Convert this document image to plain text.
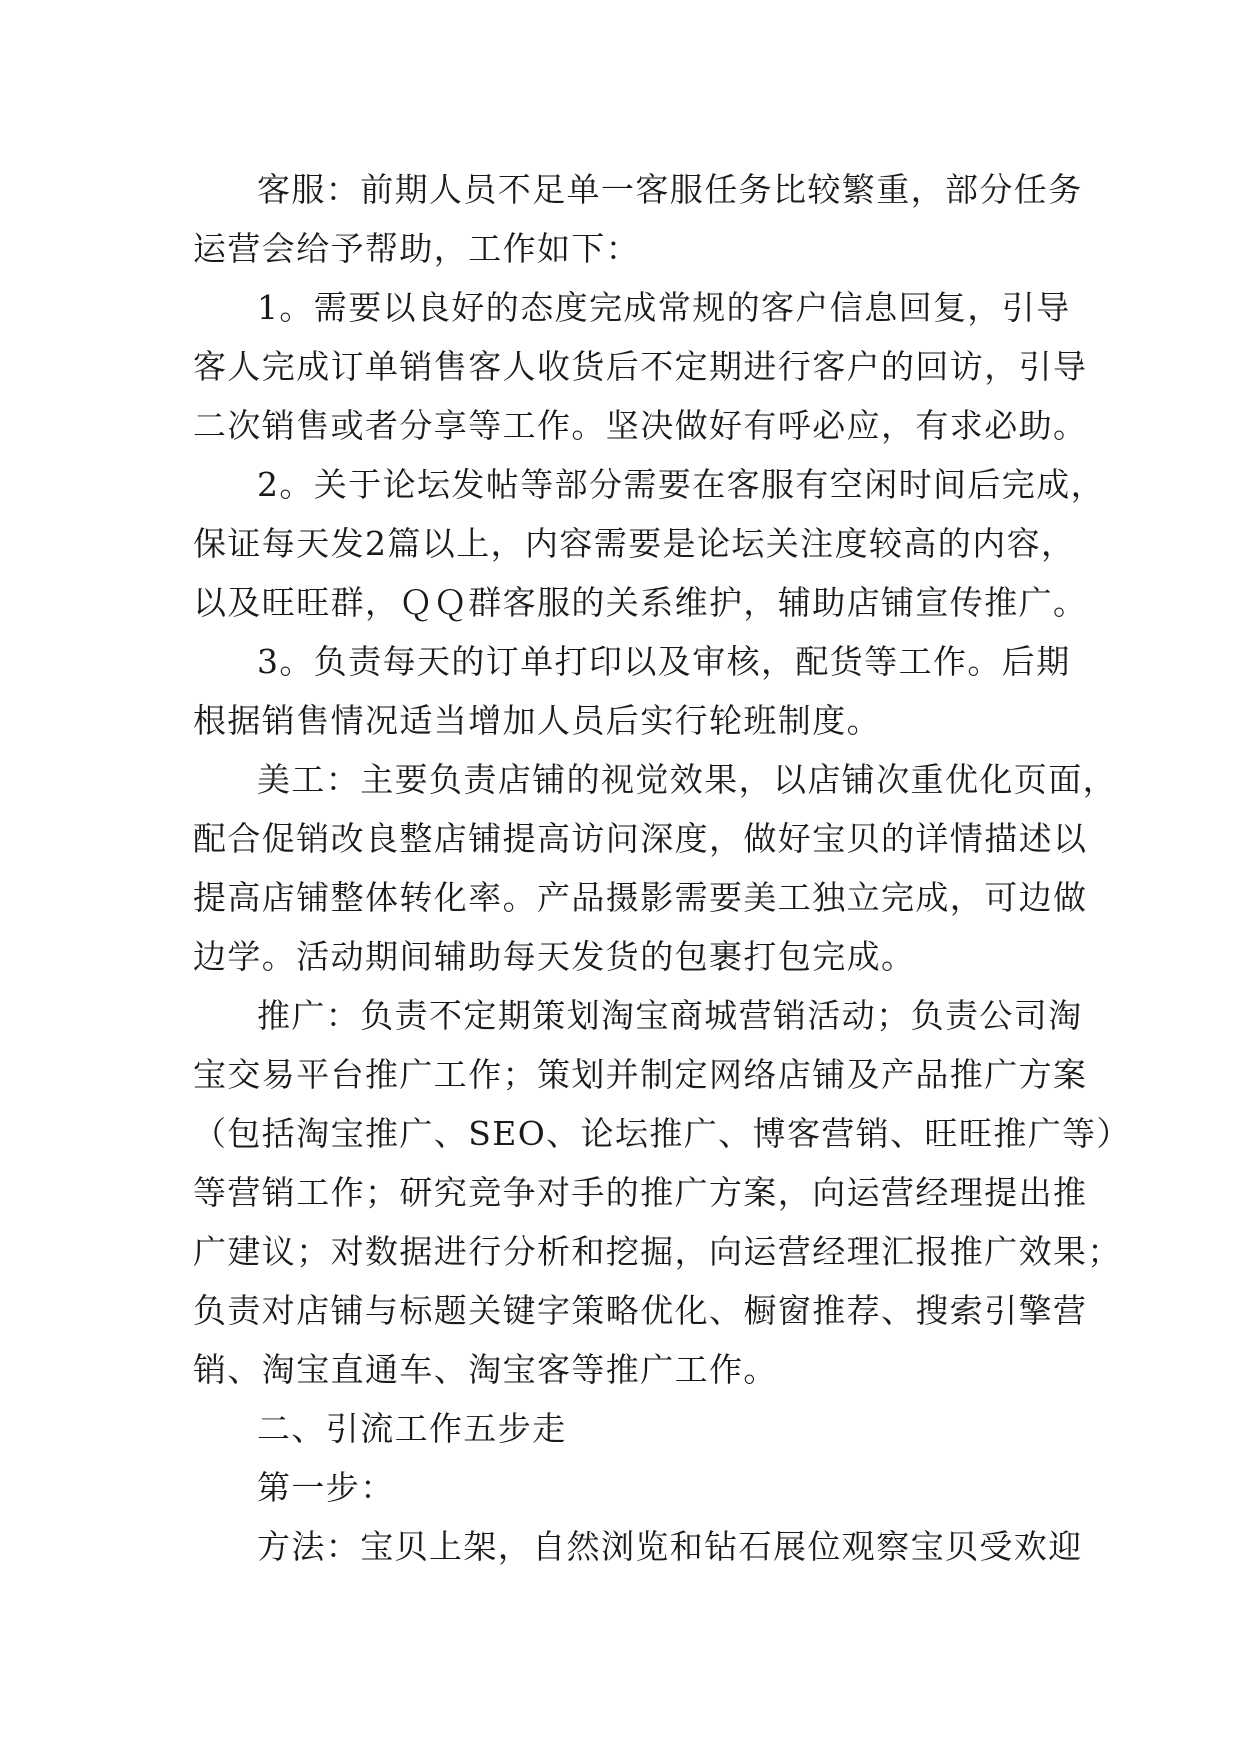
客服：前期人员不足单一客服任务比较繁重，部分任务
运营会给予帮助，工作如下：
1。需要以良好的态度完成常规的客户信息回复，引导
客人完成订单销售客人收货后不定期进行客户的回访，引导
二次销售或者分享等工作。坚决做好有呼必应，有求必助。
2。关于论坛发帖等部分需要在客服有空闲时间后完成，
保证每天发2篇以上，内容需要是论坛关注度较高的内容，
以及旺旺群，ＱＱ群客服的关系维护，辅助店铺宣传推广。
3。负责每天的订单打印以及审核，配货等工作。后期
根据销售情况适当增加人员后实行轮班制度。
美工：主要负责店铺的视觉效果，以店铺次重优化页面，
配合促销改良整店铺提高访问深度，做好宝贝的详情描述以
提高店铺整体转化率。产品摄影需要美工独立完成，可边做
边学。活动期间辅助每天发货的包裹打包完成。
推广：负责不定期策划淘宝商城营销活动；负责公司淘
宝交易平台推广工作；策划并制定网络店铺及产品推广方案
（包括淘宝推广、SEO、论坛推广、博客营销、旺旺推广等）
等营销工作；研究竞争对手的推广方案，向运营经理提出推
广建议；对数据进行分析和挖掘，向运营经理汇报推广效果；
负责对店铺与标题关键字策略优化、橱窗推荐、搜索引擎营
销、淘宝直通车、淘宝客等推广工作。
二、引流工作五步走
第一步：
方法：宝贝上架，自然浏览和钻石展位观察宝贝受欢迎
